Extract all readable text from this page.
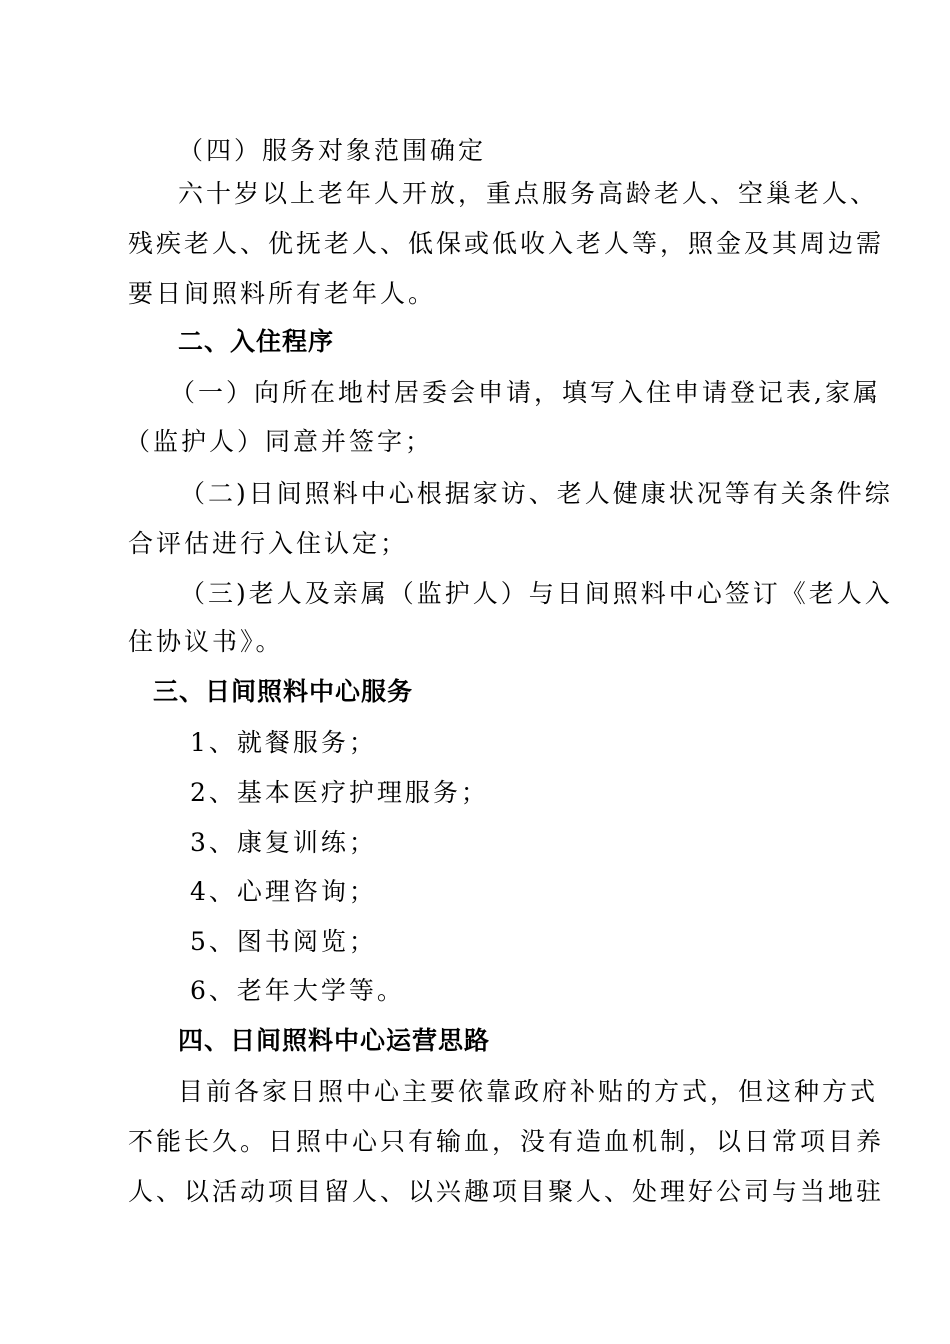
（四）服务对象范围确定
六十岁以上老年人开放，重点服务高龄老人、空巢老人、
残疾老人、优抚老人、低保或低收入老人等，照金及其周边需
要日间照料所有老年人。
二、入住程序
（一）向所在地村居委会申请，填写入住申请登记表,家属
（监护人）同意并签字；
（二)日间照料中心根据家访、老人健康状况等有关条件综
合评估进行入住认定；
（三)老人及亲属（监护人）与日间照料中心签订《老人入
住协议书》。
三、日间照料中心服务
1、就餐服务；
2、基本医疗护理服务；
3、康复训练；
4、心理咨询；
5、图书阅览；
6、老年大学等。
四、日间照料中心运营思路
目前各家日照中心主要依靠政府补贴的方式，但这种方式
不能长久。日照中心只有输血，没有造血机制，以日常项目养
人、以活动项目留人、以兴趣项目聚人、处理好公司与当地驻
